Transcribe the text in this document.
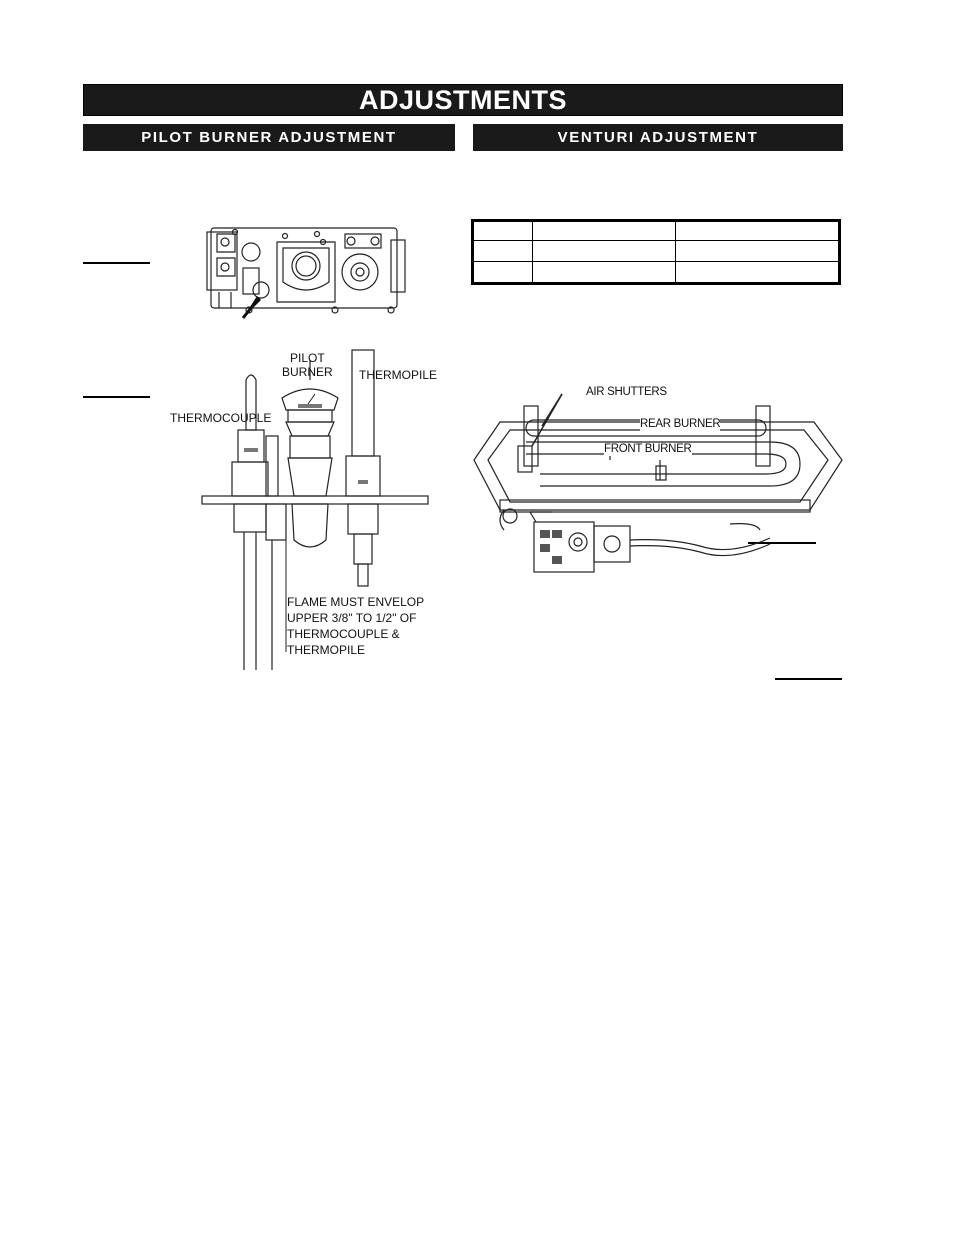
ADJUSTMENTS
PILOT BURNER ADJUSTMENT	VENTURI ADJUSTMENT
PILOT
BURNER THERMOPILE
THERMOCOUPLE
FLAME MUST ENVELOP
UPPER 3/8" TO 1/2" OF
THERMOCOUPLE &
THERMOPILE

AIR SHUTTERS
REAR BURNER
FRONT BURNER
